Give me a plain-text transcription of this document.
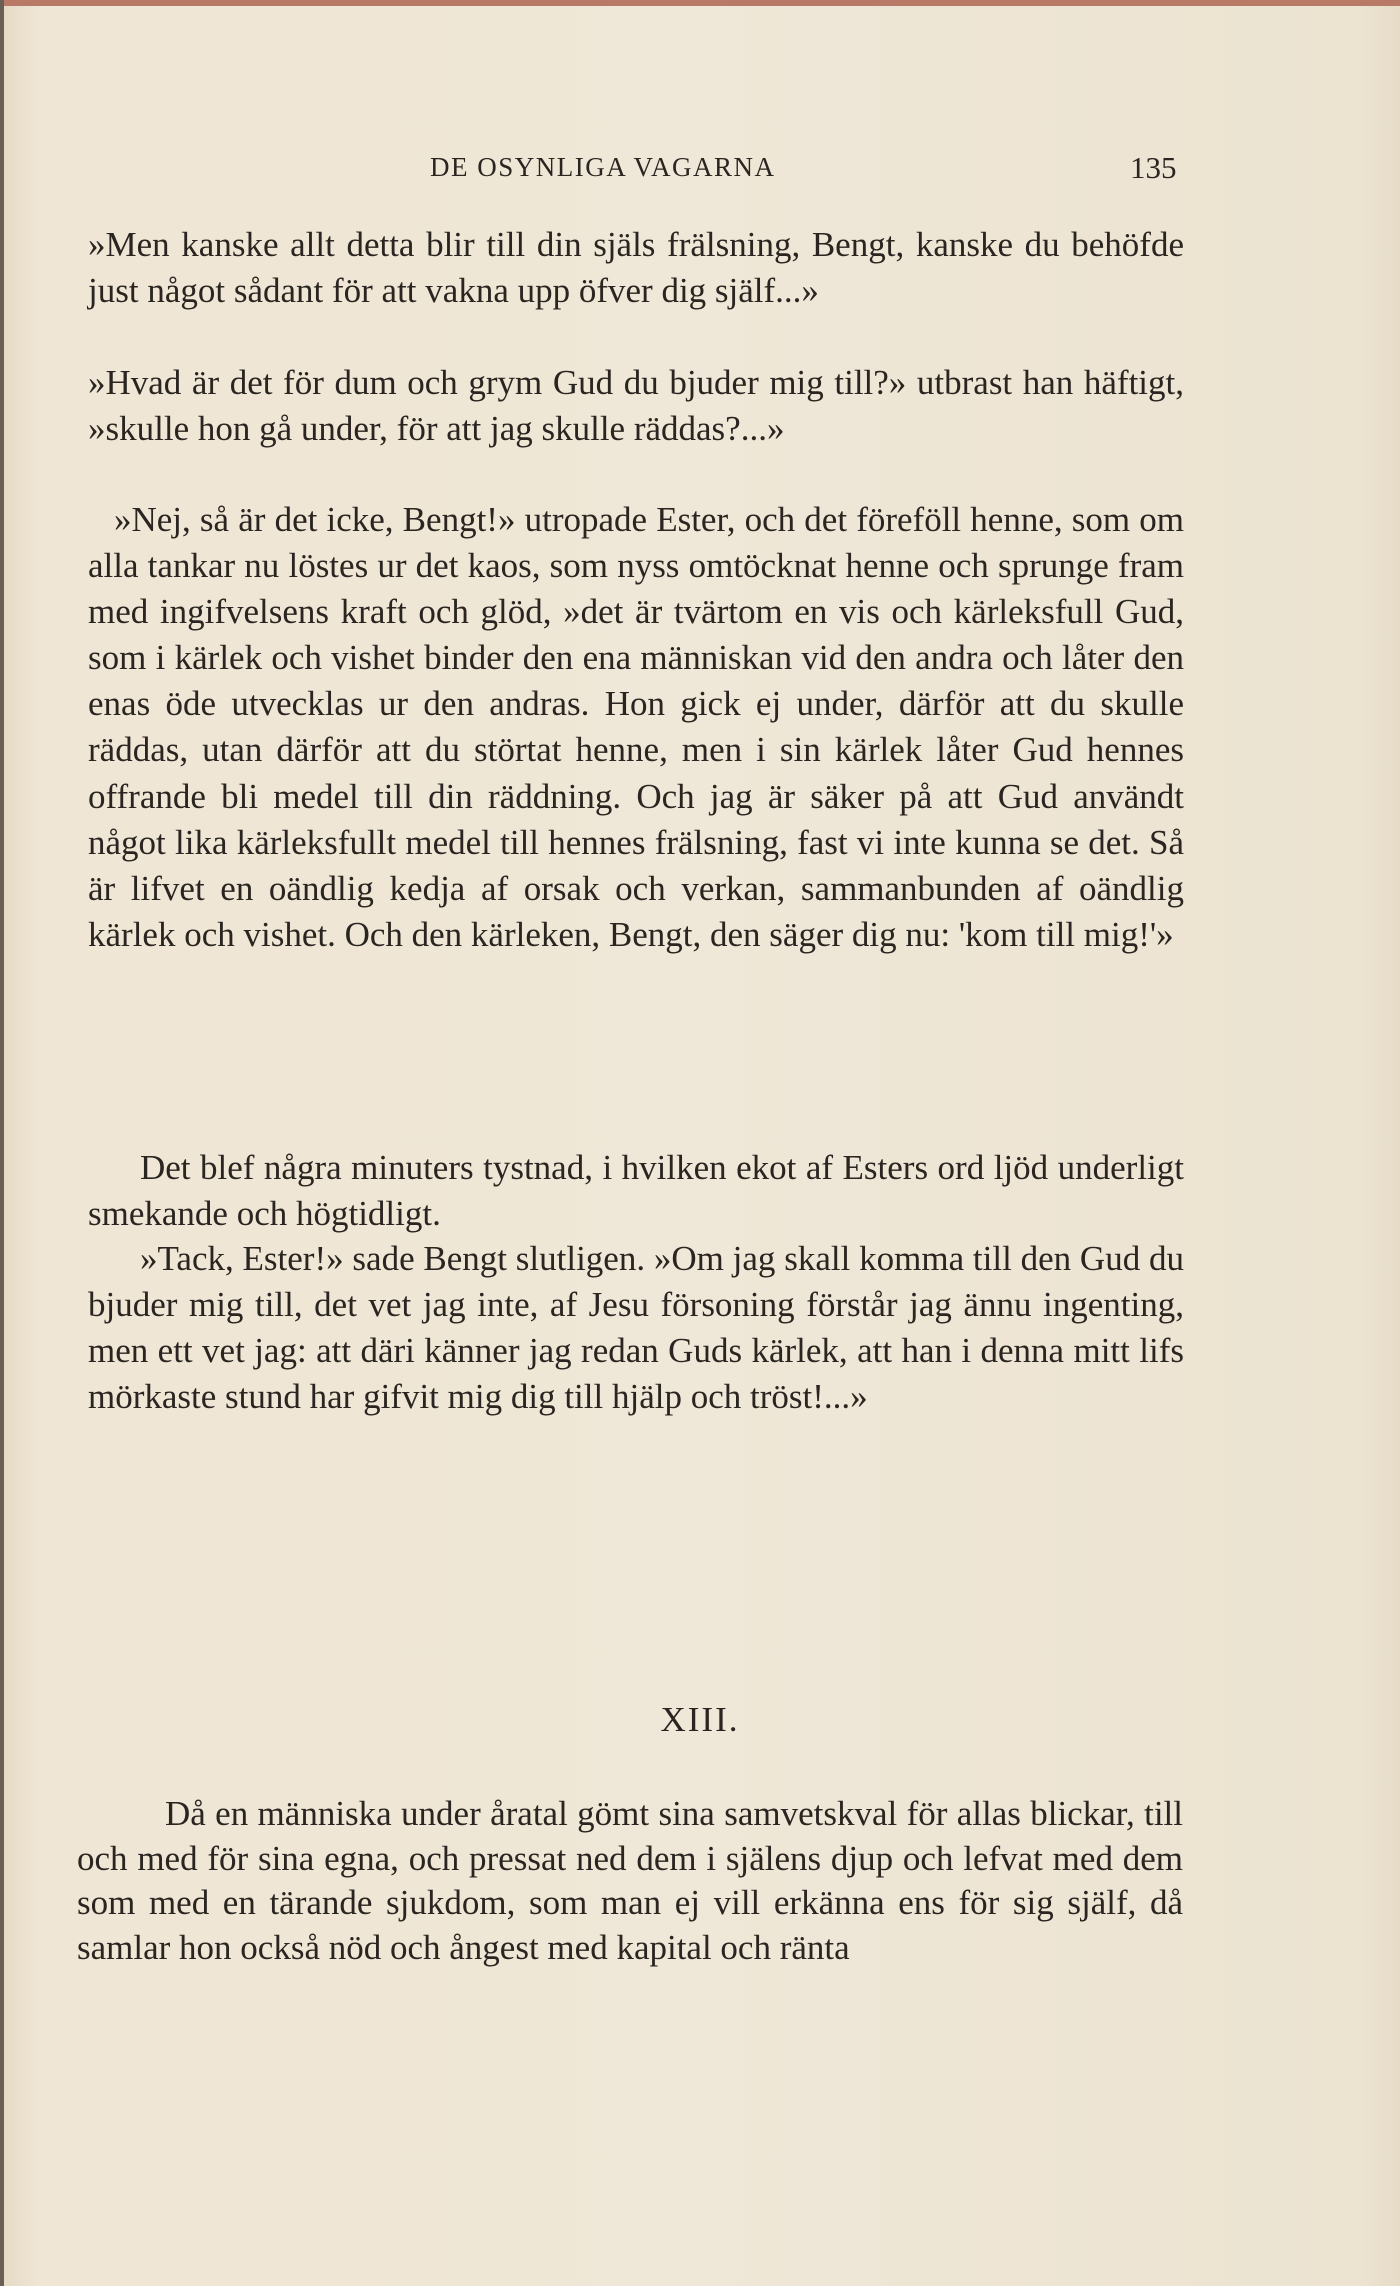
DE OSYNLIGA VAGARNA	135

»Men kanske allt detta blir till din själs frälsning, Bengt, kanske du behöfde just något sådant för att vakna upp öfver dig själf...»

»Hvad är det för dum och grym Gud du bjuder mig till?» utbrast han häftigt, »skulle hon gå under, för att jag skulle räddas?...»

»Nej, så är det icke, Bengt!» utropade Ester, och det föreföll henne, som om alla tankar nu löstes ur det kaos, som nyss omtöcknat henne och sprunge fram med ingifvelsens kraft och glöd, »det är tvärtom en vis och kärleksfull Gud, som i kärlek och vishet binder den ena människan vid den andra och låter den enas öde utvecklas ur den andras. Hon gick ej under, därför att du skulle räddas, utan därför att du störtat henne, men i sin kärlek låter Gud hennes offrande bli medel till din räddning. Och jag är säker på att Gud användt något lika kärleksfullt medel till hennes frälsning, fast vi inte kunna se det. Så är lifvet en oändlig kedja af orsak och verkan, sammanbunden af oändlig kärlek och vishet. Och den kärleken, Bengt, den säger dig nu: 'kom till mig!'»

Det blef några minuters tystnad, i hvilken ekot af Esters ord ljöd underligt smekande och högtidligt.

»Tack, Ester!» sade Bengt slutligen. »Om jag skall komma till den Gud du bjuder mig till, det vet jag inte, af Jesu försoning förstår jag ännu ingenting, men ett vet jag: att däri känner jag redan Guds kärlek, att han i denna mitt lifs mörkaste stund har gifvit mig dig till hjälp och tröst!...»

XIII.

Då en människa under åratal gömt sina samvetskval för allas blickar, till och med för sina egna, och pressat ned dem i själens djup och lefvat med dem som med en tärande sjukdom, som man ej vill erkänna ens för sig själf, då samlar hon också nöd och ångest med kapital och ränta
